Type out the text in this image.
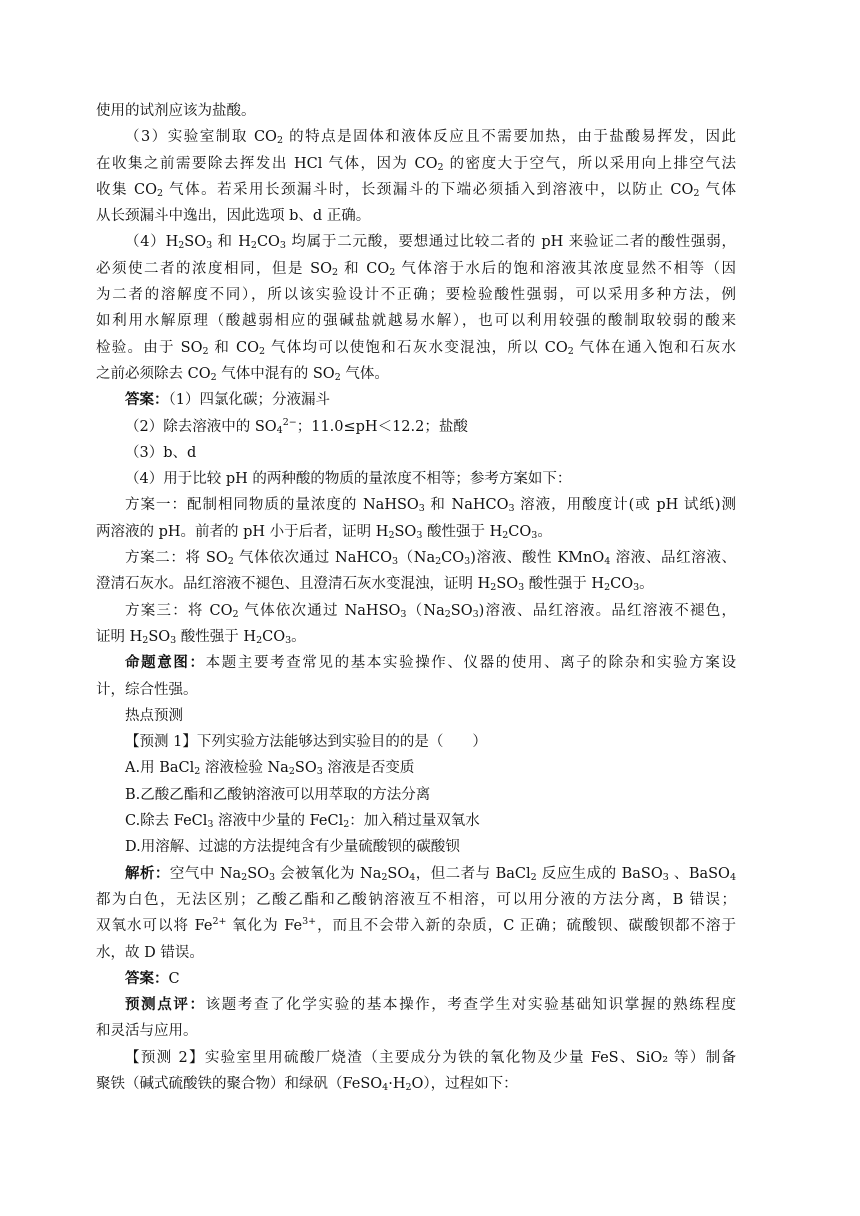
使用的试剂应该为盐酸。
（3）实验室制取 $CO_2$ 的特点是固体和液体反应且不需要加热，由于盐酸易挥发，因此
在收集之前需要除去挥发出 HCl 气体，因为 $CO_2$ 的密度大于空气，所以采用向上排空气法
收集 $CO_2$ 气体。若采用长颈漏斗时，长颈漏斗的下端必须插入到溶液中，以防止 $CO_2$ 气体
从长颈漏斗中逸出，因此选项 b、d 正确。
$(4)H_2SO_3$ 和 $H_2CO_3$ 均属于二元酸，要想通过比较二者的 pH 来验证二者的酸性强弱，
必须使二者的浓度相同，但是 $SO_2$ 和 $CO_2$ 气体溶于水后的饱和溶液其浓度显然不相等（因
为二者的溶解度不同），所以该实验设计不正确；要检验酸性强弱，可以采用多种方法，例
如利用水解原理（酸越弱相应的强碱盐就越易水解），也可以利用较强的酸制取较弱的酸来
检验。由于 $SO_2$ 和 $CO_2$ 气体均可以使饱和石灰水变混浊，所以 $CO_2$ 气体在通入饱和石灰水
之前必须除去 $CO_2$ 气体中混有的 $SO_2$ 气体。
答案：（1）四氯化碳；分液漏斗
（2）除去溶液中的 $SO_4^{2-}$；11.0≤pH＜12.2；盐酸
（3）b、d
（4）用于比较 pH 的两种酸的物质的量浓度不相等；参考方案如下：
方案一：配制相同物质的量浓度的 NaHSO$_3$ 和 NaHCO$_3$ 溶液，用酸度计(或 pH 试纸)测
两溶液的 pH。前者的 pH 小于后者，证明 $H_2SO_3$ 酸性强于 $H_2CO_3$。
方案二：将 $SO_2$ 气体依次通过 $NaHCO_3(Na_2CO_3)$溶液、酸性 KMnO$_4$ 溶液、品红溶液、
澄清石灰水。品红溶液不褪色、且澄清石灰水变混浊，证明 $H_2SO_3$ 酸性强于 $H_2CO_3$。
方案三：将 $CO_2$ 气体依次通过 $NaHSO_3(Na_2SO_3)$溶液、品红溶液。品红溶液不褪色，
证明 $H_2SO_3$ 酸性强于 $H_2CO_3$。
命题意图：本题主要考查常见的基本实验操作、仪器的使用、离子的除杂和实验方案设
计，综合性强。
热点预测
【预测 1】下列实验方法能够达到实验目的的是（　　）
A.用 BaCl$_2$ 溶液检验 $Na_2SO_3$ 溶液是否变质
B.乙酸乙酯和乙酸钠溶液可以用萃取的方法分离
C.除去 FeCl$_3$ 溶液中少量的 FeCl$_2$：加入稍过量双氧水
D.用溶解、过滤的方法提纯含有少量硫酸钡的碳酸钡
解析：空气中 $Na_2SO_3$ 会被氧化为 $Na_2SO_4$，但二者与 BaCl$_2$ 反应生成的 BaSO$_3$ 、BaSO$_4$
都为白色，无法区别；乙酸乙酯和乙酸钠溶液互不相溶，可以用分液的方法分离，B 错误；
双氧水可以将 $Fe^{2+}$ 氧化为 $Fe^{3+}$，而且不会带入新的杂质，C 正确；硫酸钡、碳酸钡都不溶于
水，故 D 错误。
答案：C
预测点评：该题考查了化学实验的基本操作，考查学生对实验基础知识掌握的熟练程度
和灵活与应用。
【预测 2】实验室里用硫酸厂烧渣（主要成分为铁的氧化物及少量 FeS、SiO₂ 等）制备
聚铁（碱式硫酸铁的聚合物）和绿矾$(FeSO_4\cdot H_2O)$，过程如下：
